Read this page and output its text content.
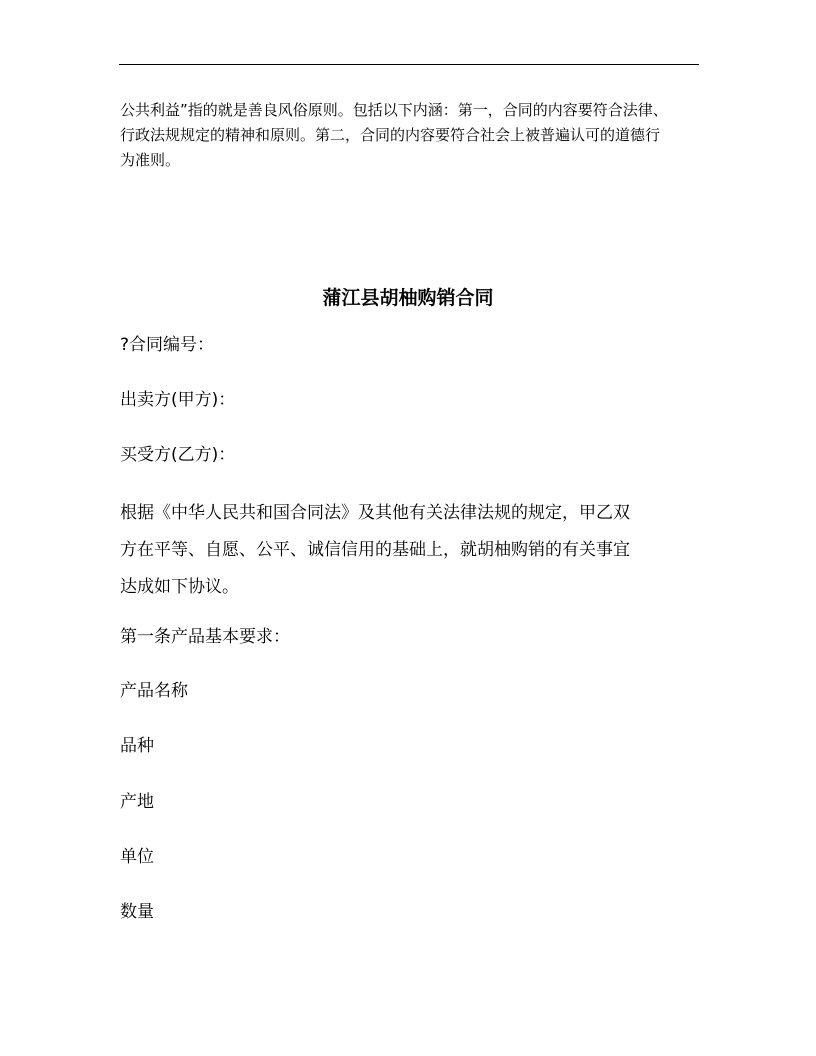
公共利益”指的就是善良风俗原则。包括以下内涵：第一，合同的内容要符合法律、
行政法规规定的精神和原则。第二，合同的内容要符合社会上被普遍认可的道德行
为准则。
蒲江县胡柚购销合同
?合同编号：
出卖方(甲方)：
买受方(乙方)：
根据《中华人民共和国合同法》及其他有关法律法规的规定，甲乙双
方在平等、自愿、公平、诚信信用的基础上，就胡柚购销的有关事宜
达成如下协议。
第一条产品基本要求：
产品名称
品种
产地
单位
数量
